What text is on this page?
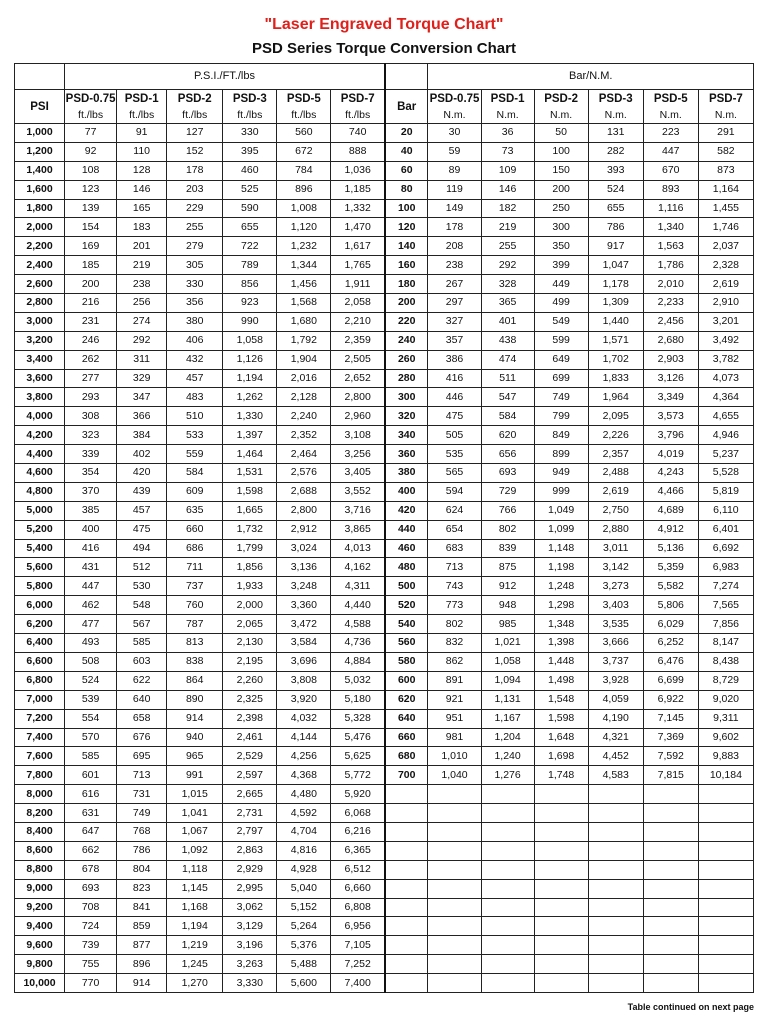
"Laser Engraved Torque Chart"
PSD Series Torque Conversion Chart
	P.S.I./FT./lbs							Bar/N.M.					
PSI	PSD-0.75	PSD-1	PSD-2	PSD-3	PSD-5	PSD-7	Bar	PSD-0.75	PSD-1	PSD-2	PSD-3	PSD-5	PSD-7
	ft./lbs	ft./lbs	ft./lbs	ft./lbs	ft./lbs	ft./lbs		N.m.	N.m.	N.m.	N.m.	N.m.	N.m.
1,000	77	91	127	330	560	740	20	30	36	50	131	223	291
1,200	92	110	152	395	672	888	40	59	73	100	282	447	582
1,400	108	128	178	460	784	1,036	60	89	109	150	393	670	873
1,600	123	146	203	525	896	1,185	80	119	146	200	524	893	1,164
1,800	139	165	229	590	1,008	1,332	100	149	182	250	655	1,116	1,455
2,000	154	183	255	655	1,120	1,470	120	178	219	300	786	1,340	1,746
2,200	169	201	279	722	1,232	1,617	140	208	255	350	917	1,563	2,037
2,400	185	219	305	789	1,344	1,765	160	238	292	399	1,047	1,786	2,328
2,600	200	238	330	856	1,456	1,911	180	267	328	449	1,178	2,010	2,619
2,800	216	256	356	923	1,568	2,058	200	297	365	499	1,309	2,233	2,910
3,000	231	274	380	990	1,680	2,210	220	327	401	549	1,440	2,456	3,201
3,200	246	292	406	1,058	1,792	2,359	240	357	438	599	1,571	2,680	3,492
3,400	262	311	432	1,126	1,904	2,505	260	386	474	649	1,702	2,903	3,782
3,600	277	329	457	1,194	2,016	2,652	280	416	511	699	1,833	3,126	4,073
3,800	293	347	483	1,262	2,128	2,800	300	446	547	749	1,964	3,349	4,364
4,000	308	366	510	1,330	2,240	2,960	320	475	584	799	2,095	3,573	4,655
4,200	323	384	533	1,397	2,352	3,108	340	505	620	849	2,226	3,796	4,946
4,400	339	402	559	1,464	2,464	3,256	360	535	656	899	2,357	4,019	5,237
4,600	354	420	584	1,531	2,576	3,405	380	565	693	949	2,488	4,243	5,528
4,800	370	439	609	1,598	2,688	3,552	400	594	729	999	2,619	4,466	5,819
5,000	385	457	635	1,665	2,800	3,716	420	624	766	1,049	2,750	4,689	6,110
5,200	400	475	660	1,732	2,912	3,865	440	654	802	1,099	2,880	4,912	6,401
5,400	416	494	686	1,799	3,024	4,013	460	683	839	1,148	3,011	5,136	6,692
5,600	431	512	711	1,856	3,136	4,162	480	713	875	1,198	3,142	5,359	6,983
5,800	447	530	737	1,933	3,248	4,311	500	743	912	1,248	3,273	5,582	7,274
6,000	462	548	760	2,000	3,360	4,440	520	773	948	1,298	3,403	5,806	7,565
6,200	477	567	787	2,065	3,472	4,588	540	802	985	1,348	3,535	6,029	7,856
6,400	493	585	813	2,130	3,584	4,736	560	832	1,021	1,398	3,666	6,252	8,147
6,600	508	603	838	2,195	3,696	4,884	580	862	1,058	1,448	3,737	6,476	8,438
6,800	524	622	864	2,260	3,808	5,032	600	891	1,094	1,498	3,928	6,699	8,729
7,000	539	640	890	2,325	3,920	5,180	620	921	1,131	1,548	4,059	6,922	9,020
7,200	554	658	914	2,398	4,032	5,328	640	951	1,167	1,598	4,190	7,145	9,311
7,400	570	676	940	2,461	4,144	5,476	660	981	1,204	1,648	4,321	7,369	9,602
7,600	585	695	965	2,529	4,256	5,625	680	1,010	1,240	1,698	4,452	7,592	9,883
7,800	601	713	991	2,597	4,368	5,772	700	1,040	1,276	1,748	4,583	7,815	10,184
8,000	616	731	1,015	2,665	4,480	5,920							
8,200	631	749	1,041	2,731	4,592	6,068							
8,400	647	768	1,067	2,797	4,704	6,216							
8,600	662	786	1,092	2,863	4,816	6,365							
8,800	678	804	1,118	2,929	4,928	6,512							
9,000	693	823	1,145	2,995	5,040	6,660							
9,200	708	841	1,168	3,062	5,152	6,808							
9,400	724	859	1,194	3,129	5,264	6,956							
9,600	739	877	1,219	3,196	5,376	7,105							
9,800	755	896	1,245	3,263	5,488	7,252							
10,000	770	914	1,270	3,330	5,600	7,400							
Table continued on next page
